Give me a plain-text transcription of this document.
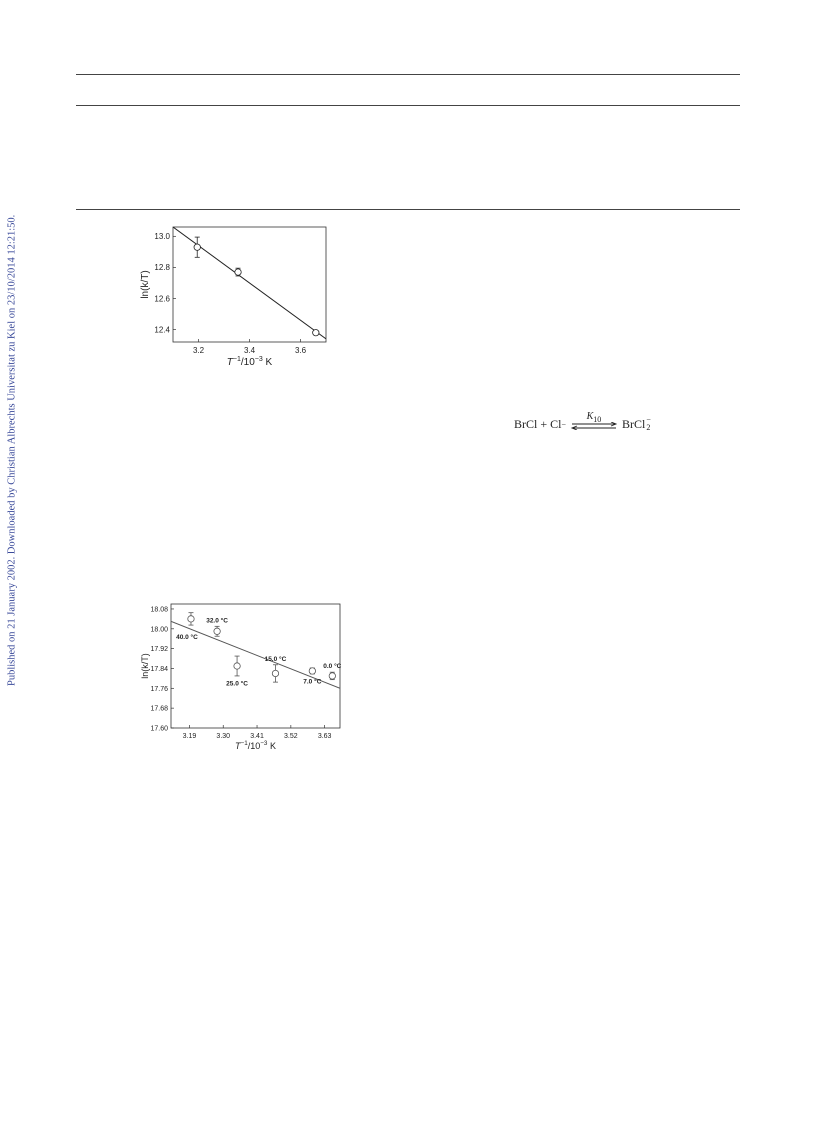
Published on 21 January 2002. Downloaded by Christian Albrechts Universitat zu Kiel on 23/10/2014 12:21:50.	3.2	3.4	3.6
12.4
12.6
12.8
13.0
$T^{-1}/10^{-3}$ K
ln(k/T)
3.19	3.30	3.41	3.52	3.63
17.60
17.68
17.76
17.84
17.92
18.00
18.08
40.0 °C
32.0 °C
25.0 °C
15.0 °C
7.0 °C
0.0 °C
$T^{-1}/10^{-3}$ K
ln(k/T)
BrCl + Cl −
$K_{10}$	BrCl −
2
